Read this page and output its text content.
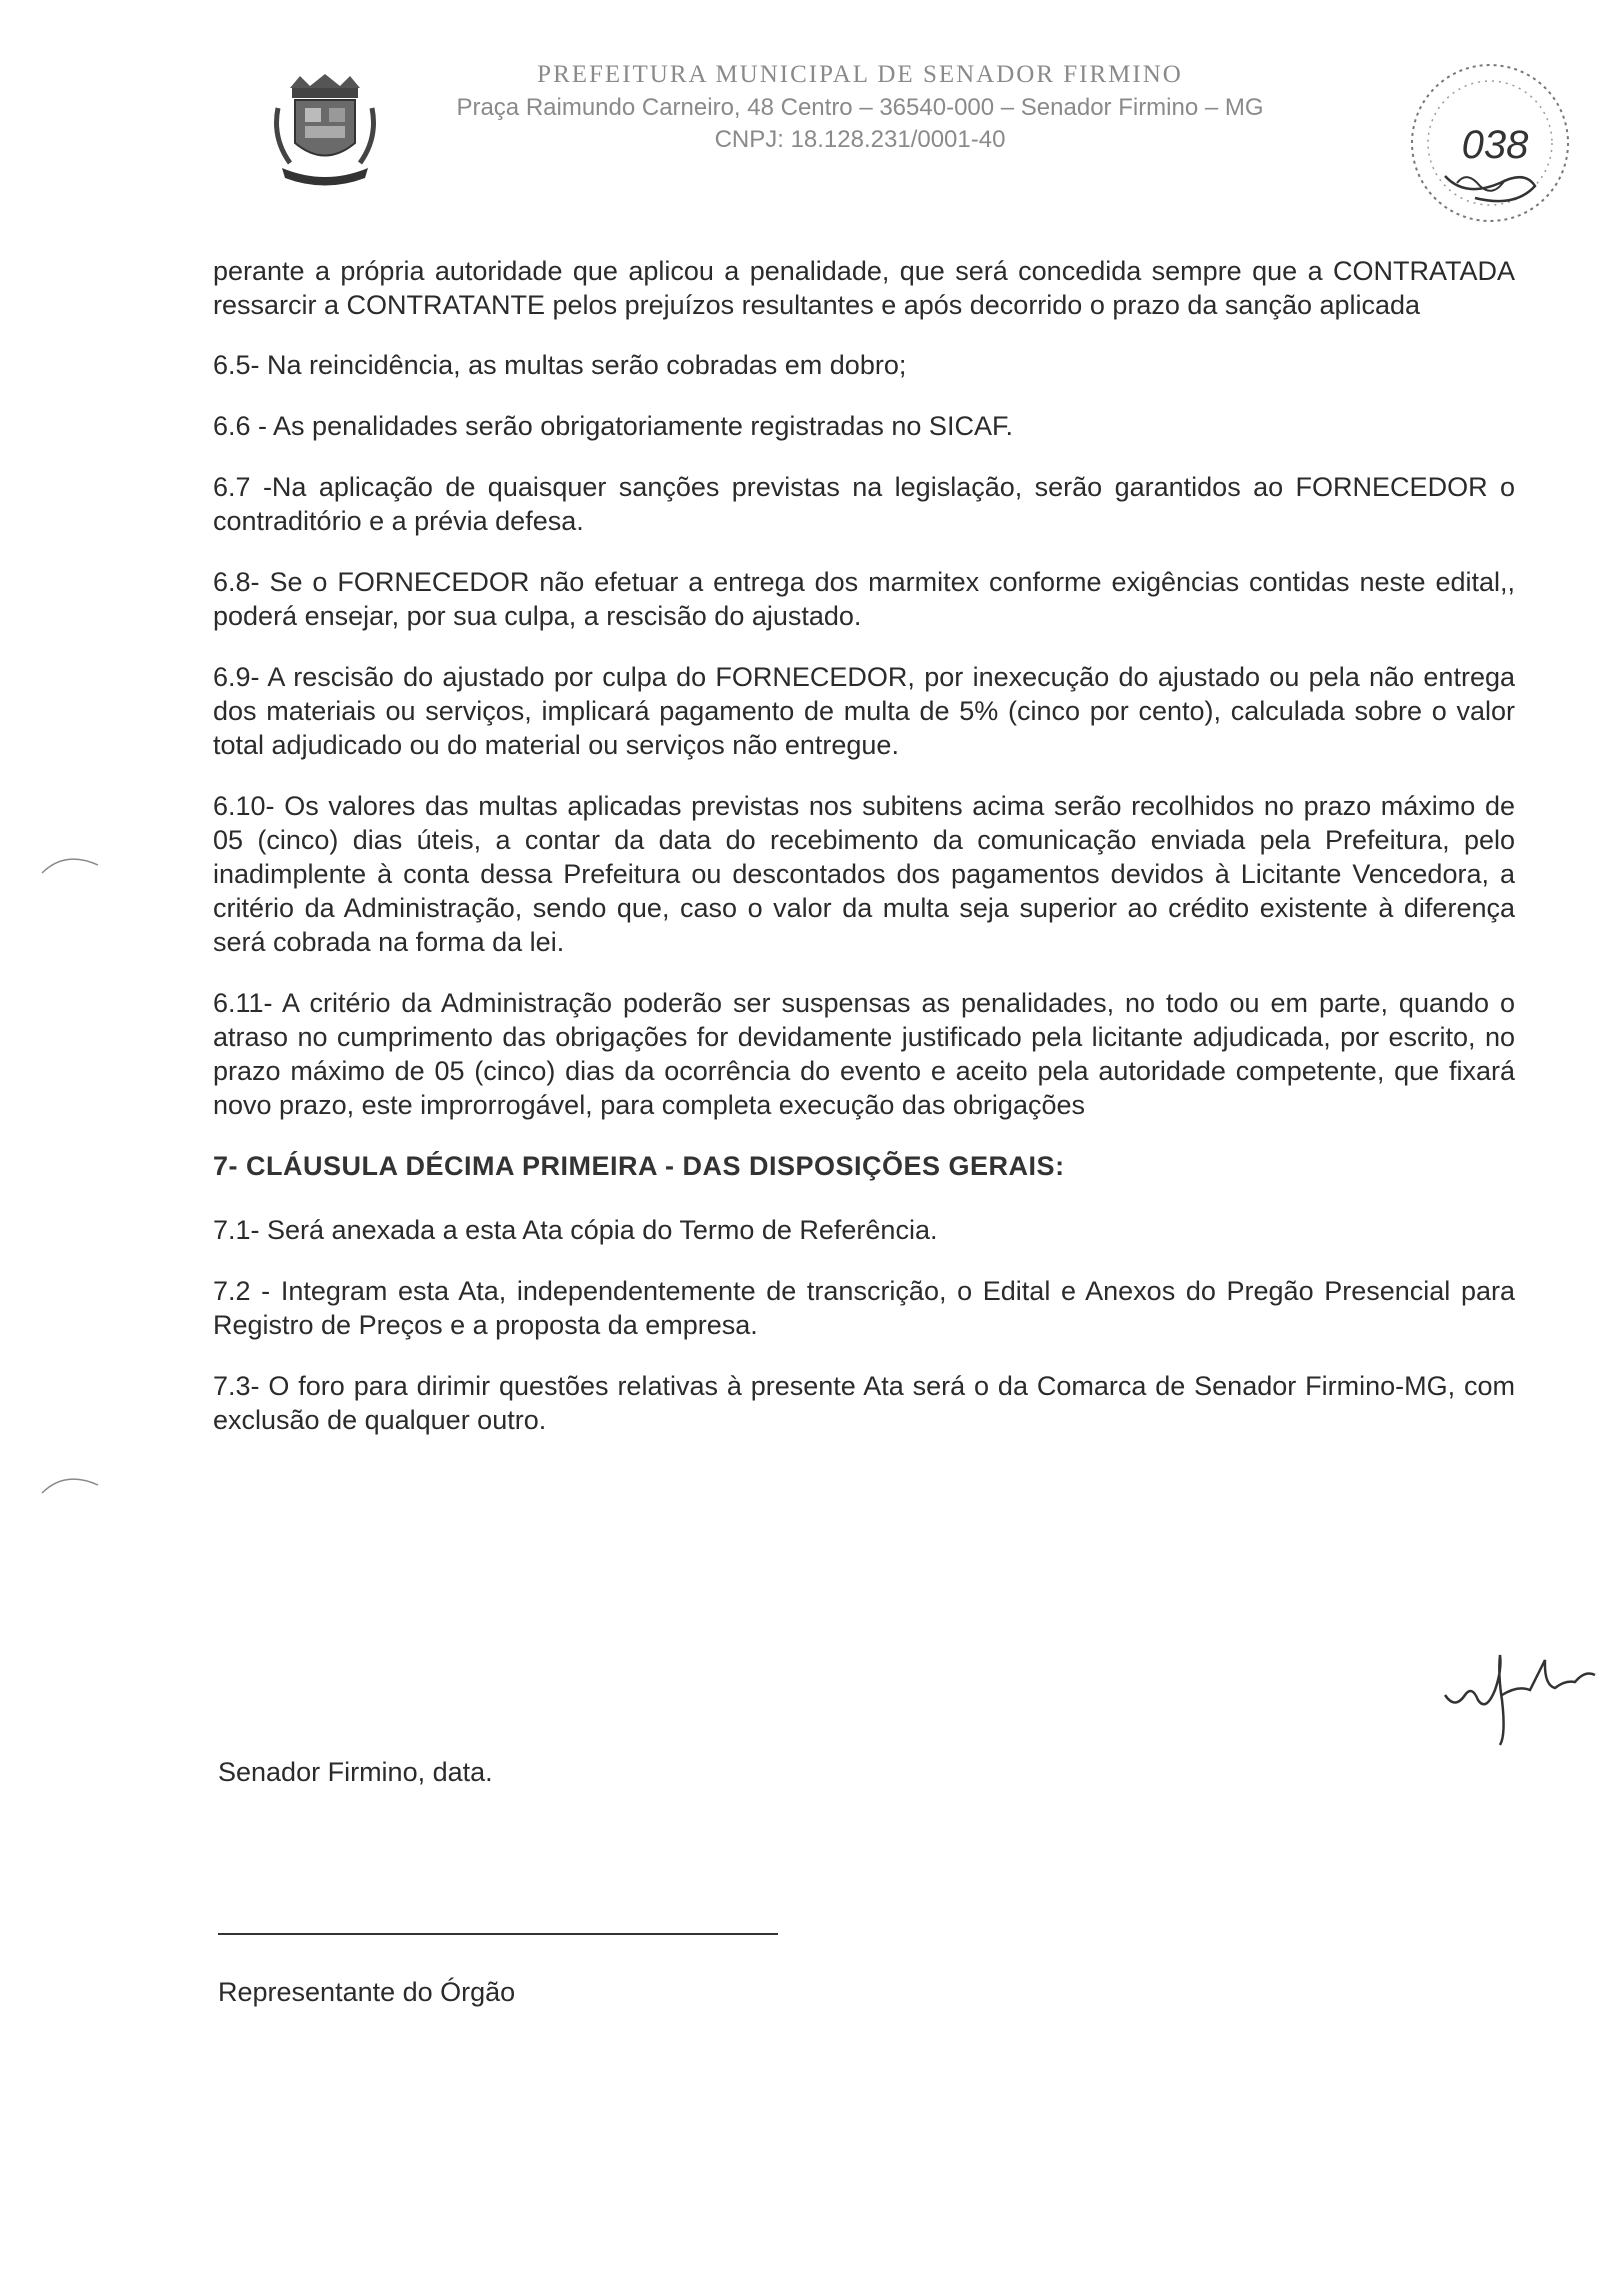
PREFEITURA MUNICIPAL DE SENADOR FIRMINO
Praça Raimundo Carneiro, 48 Centro – 36540-000 – Senador Firmino – MG
CNPJ: 18.128.231/0001-40	038

perante a própria autoridade que aplicou a penalidade, que será concedida sempre que a CONTRATADA ressarcir a CONTRATANTE pelos prejuízos resultantes e após decorrido o prazo da sanção aplicada

6.5- Na reincidência, as multas serão cobradas em dobro;

6.6 - As penalidades serão obrigatoriamente registradas no SICAF.

6.7 -Na aplicação de quaisquer sanções previstas na legislação, serão garantidos ao FORNECEDOR o contraditório e a prévia defesa.

6.8- Se o FORNECEDOR não efetuar a entrega dos marmitex conforme exigências contidas neste edital,, poderá ensejar, por sua culpa, a rescisão do ajustado.

6.9- A rescisão do ajustado por culpa do FORNECEDOR, por inexecução do ajustado ou pela não entrega dos materiais ou serviços, implicará pagamento de multa de 5% (cinco por cento), calculada sobre o valor total adjudicado ou do material ou serviços não entregue.

6.10- Os valores das multas aplicadas previstas nos subitens acima serão recolhidos no prazo máximo de 05 (cinco) dias úteis, a contar da data do recebimento da comunicação enviada pela Prefeitura, pelo inadimplente à conta dessa Prefeitura ou descontados dos pagamentos devidos à Licitante Vencedora, a critério da Administração, sendo que, caso o valor da multa seja superior ao crédito existente à diferença será cobrada na forma da lei.

6.11- A critério da Administração poderão ser suspensas as penalidades, no todo ou em parte, quando o atraso no cumprimento das obrigações for devidamente justificado pela licitante adjudicada, por escrito, no prazo máximo de 05 (cinco) dias da ocorrência do evento e aceito pela autoridade competente, que fixará novo prazo, este improrrogável, para completa execução das obrigações

7- CLÁUSULA DÉCIMA PRIMEIRA - DAS DISPOSIÇÕES GERAIS:

7.1- Será anexada a esta Ata cópia do Termo de Referência.

7.2 - Integram esta Ata, independentemente de transcrição, o Edital e Anexos do Pregão Presencial para Registro de Preços e a proposta da empresa.

7.3- O foro para dirimir questões relativas à presente Ata será o da Comarca de Senador Firmino-MG, com exclusão de qualquer outro.

Senador Firmino, data.
Representante do Órgão
